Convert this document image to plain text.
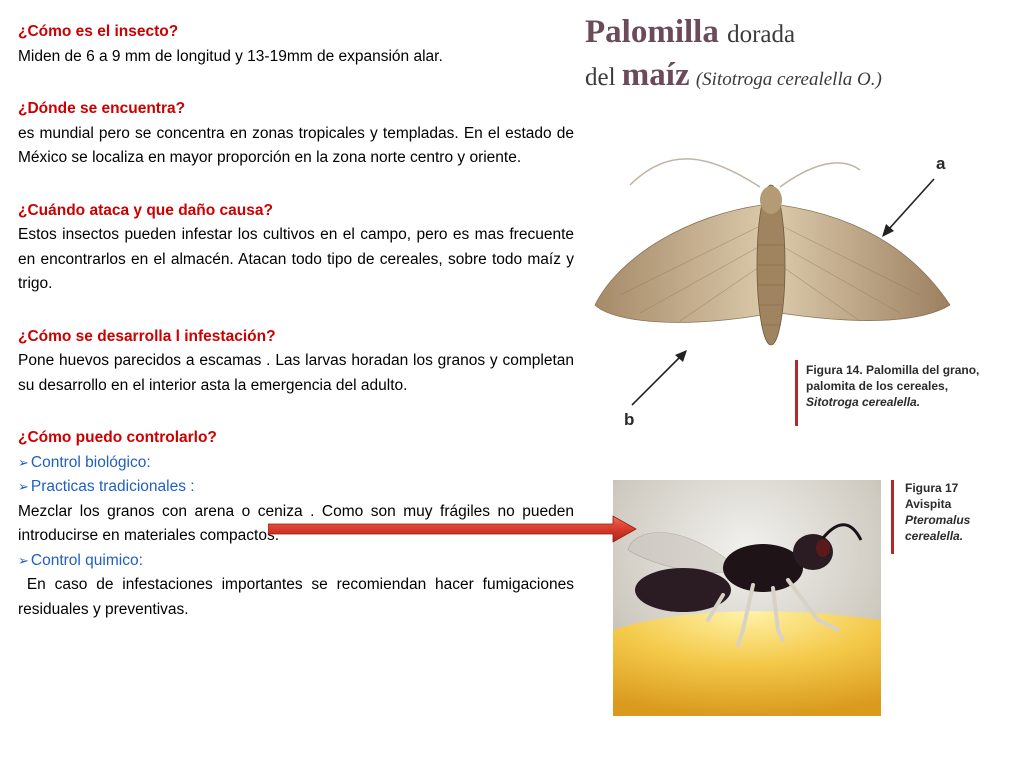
¿Cómo es el insecto?

Miden de 6 a 9 mm de longitud y 13-19mm de expansión alar.

¿Dónde se encuentra?

es mundial pero se concentra en zonas tropicales y templadas. En el estado de México se localiza en mayor proporción en la zona norte centro y oriente.

¿Cuándo ataca y que daño causa?

Estos insectos pueden infestar los cultivos en el campo, pero es mas frecuente en encontrarlos en el almacén. Atacan todo tipo de cereales, sobre todo maíz y trigo.

¿Cómo se desarrolla l infestación?

Pone huevos parecidos a escamas . Las larvas horadan los granos y completan su desarrollo en el interior asta la emergencia del adulto.

¿Cómo puedo controlarlo?

➢ Control biológico:

➢ Practicas tradicionales :

Mezclar los granos con arena o ceniza . Como son muy frágiles no pueden introducirse en materiales compactos.

➢ Control quimico:

En caso de infestaciones importantes se recomiendan hacer fumigaciones residuales y preventivas.

Palomilla dorada
del maíz (Sitotroga cerealella O.)
a
b
Figura 14. Palomilla del grano,
palomita de los cereales,
Sitotroga cerealella.
Figura 17 Avispita
Pteromalus
cerealella.
